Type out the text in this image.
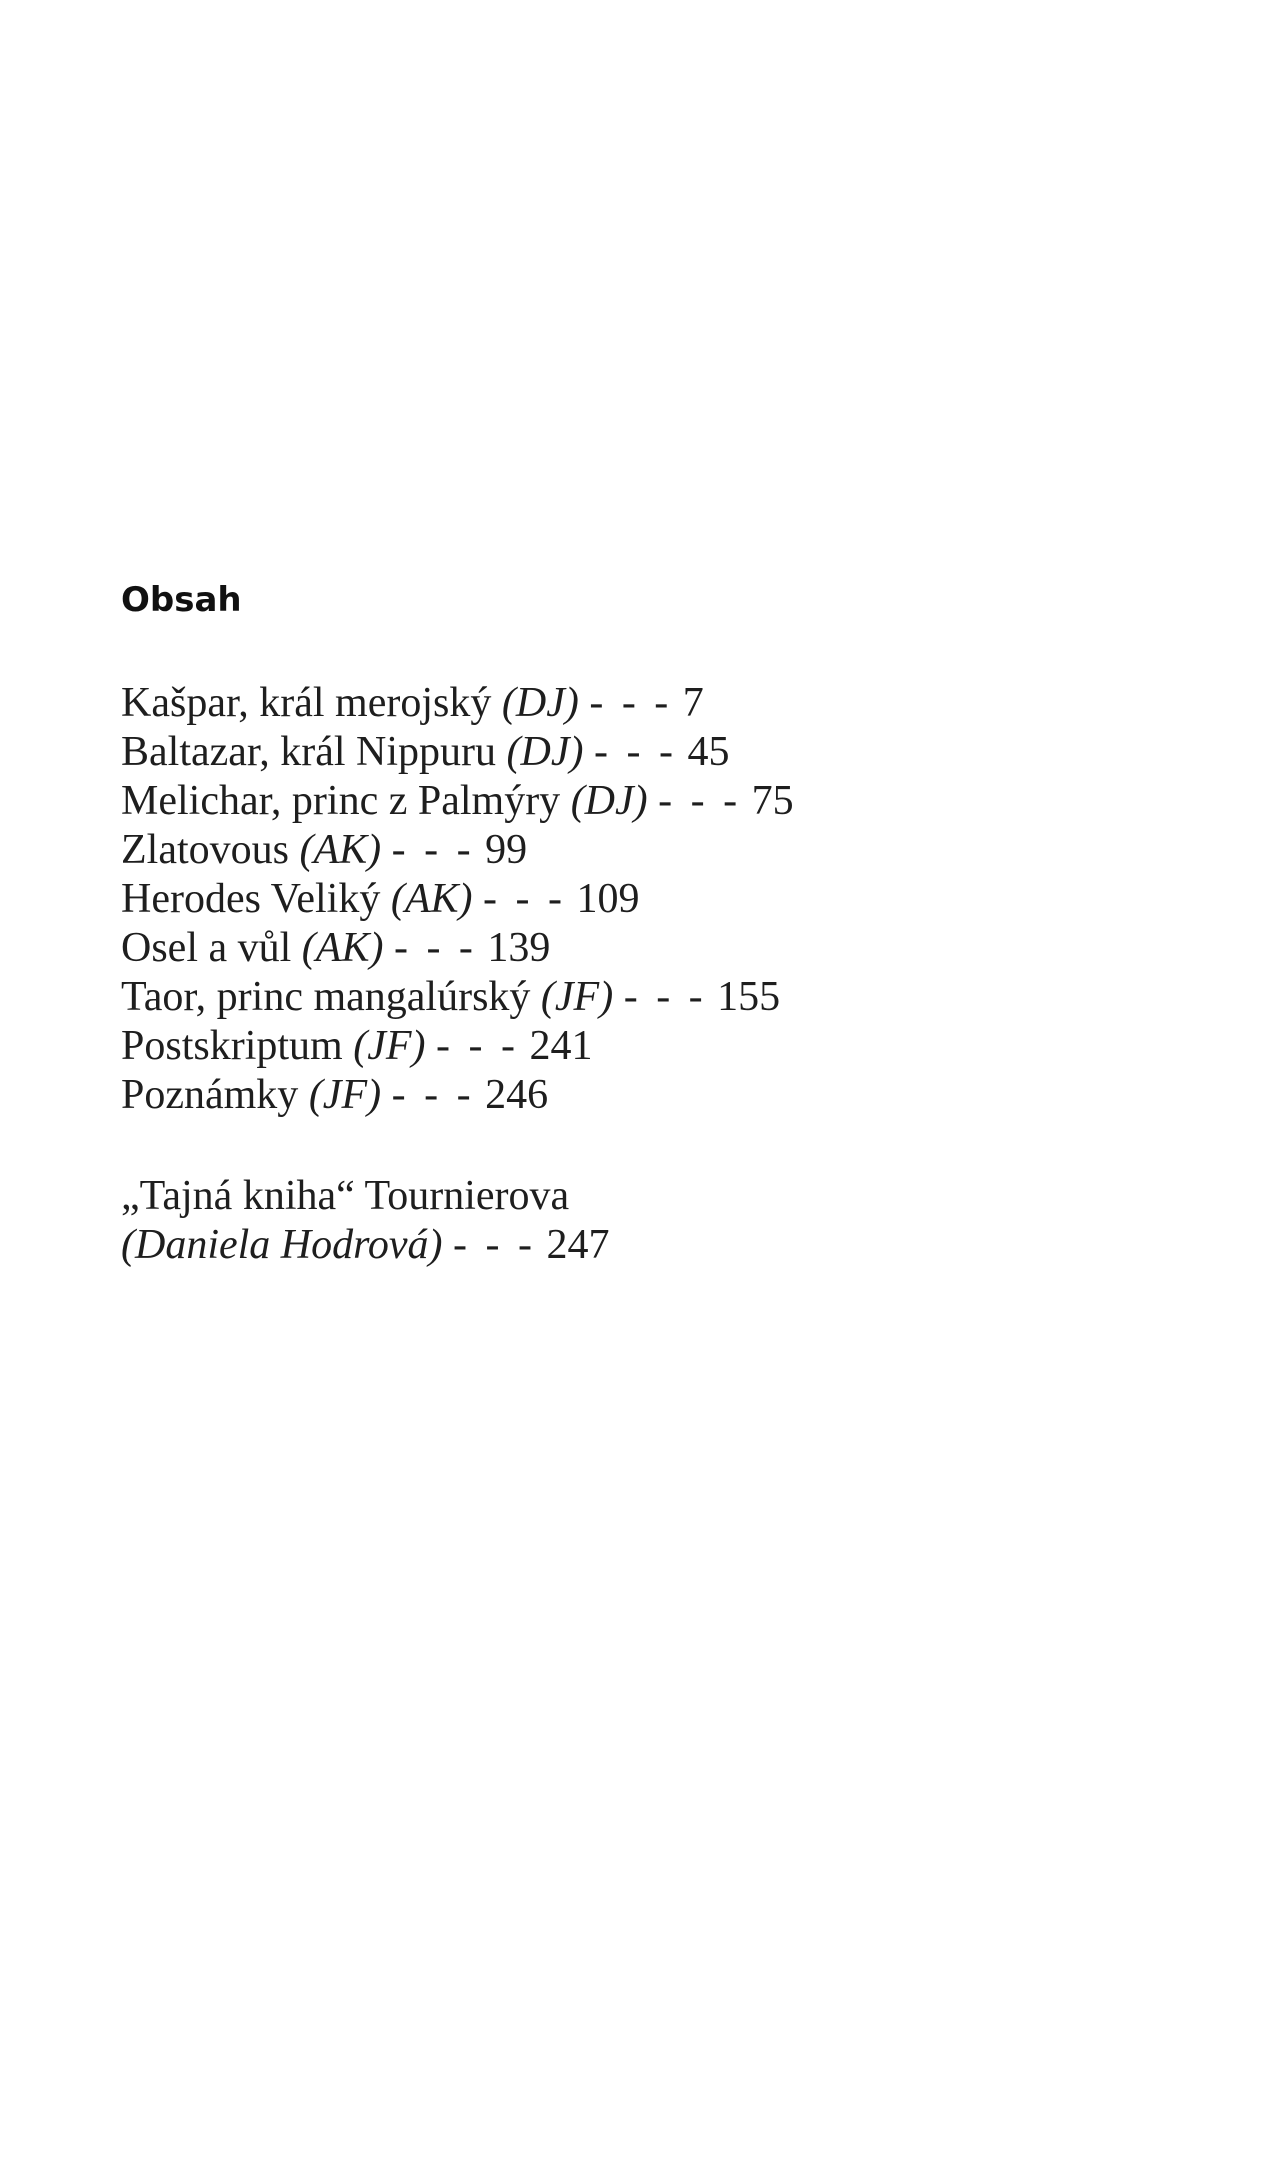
Obsah
Kašpar, král merojský (DJ) - - - 7
Baltazar, král Nippuru (DJ) - - - 45
Melichar, princ z Palmýry (DJ) - - - 75
Zlatovous (AK) - - - 99
Herodes Veliký (AK) - - - 109
Osel a vůl (AK) - - - 139
Taor, princ mangalúrský (JF) - - - 155
Postskriptum (JF) - - - 241
Poznámky (JF) - - - 246
„Tajná kniha“ Tournierova
(Daniela Hodrová) - - - 247
